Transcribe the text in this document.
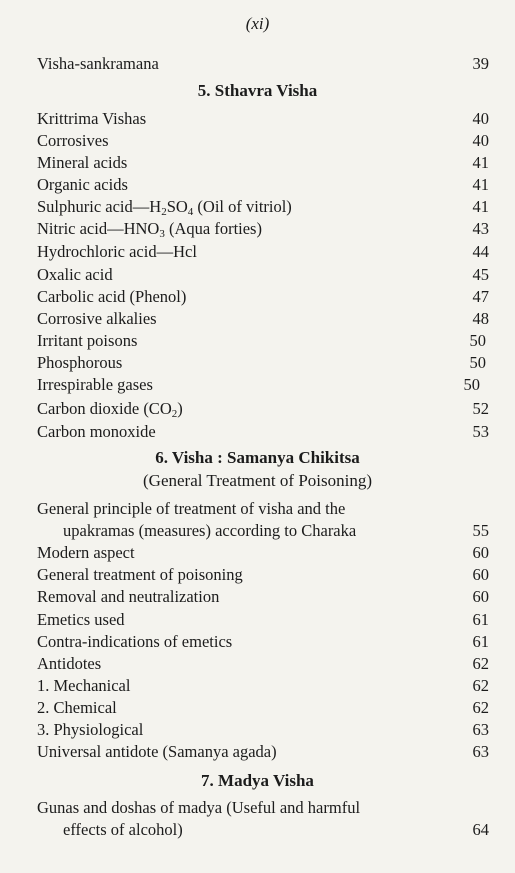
(xi)
Visha-sankramana	39
5. Sthavra Visha
Krittrima Vishas	40
Corrosives	40
Mineral acids	41
Organic acids	41
Sulphuric $acid—H_2SO_4$ (Oil of vitriol)	41
Nitric $acid—HNO_3$ (Aqua forties)	43
Hydrochloric acid—Hcl	44
Oxalic acid	45
Carbolic acid (Phenol)	47
Corrosive alkalies	48
Irritant poisons	50
Phosphorous	50
Irrespirable gases	50
Carbon dioxide $(CO_2)$	52
Carbon monoxide	53
6. Visha : Samanya Chikitsa
(General Treatment of Poisoning)
General principle of treatment of visha and the
upakramas (measures) according to Charaka	55
Modern aspect	60
General treatment of poisoning	60
Removal and neutralization	60
Emetics used	61
Contra-indications of emetics	61
Antidotes	62
1. Mechanical	62
2. Chemical	62
3. Physiological	63
Universal antidote (Samanya agada)	63
7. Madya Visha
Gunas and doshas of madya (Useful and harmful
effects of alcohol)	64
